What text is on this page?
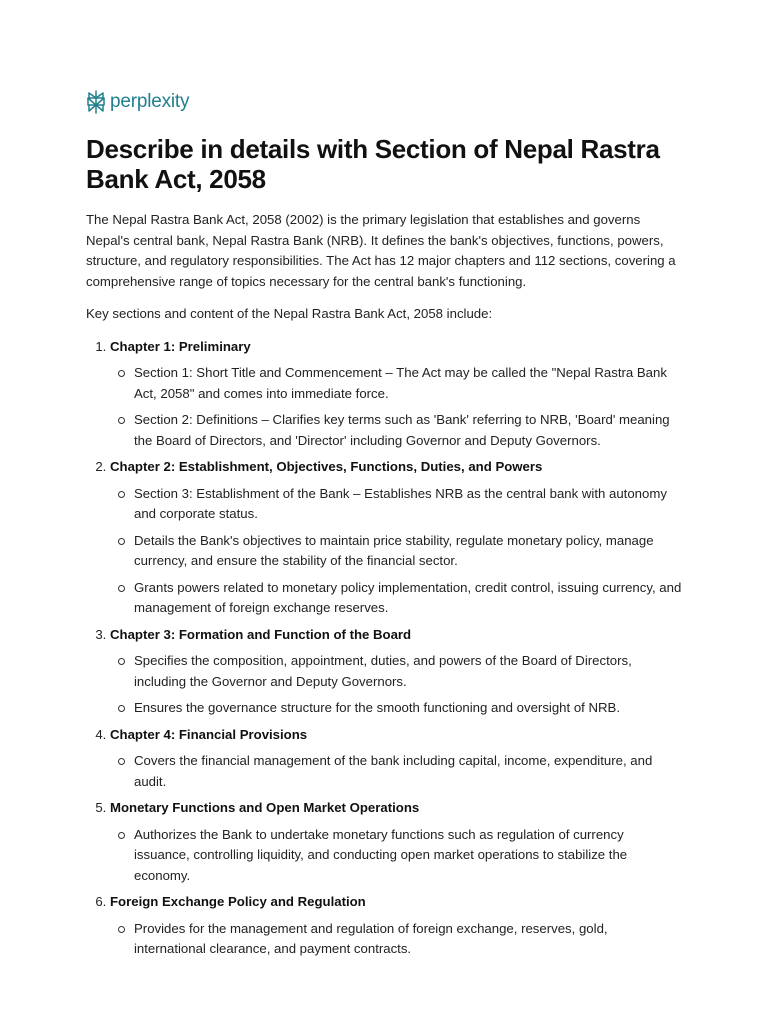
perplexity
Describe in details with Section of Nepal Rastra Bank Act, 2058

The Nepal Rastra Bank Act, 2058 (2002) is the primary legislation that establishes and governs Nepal's central bank, Nepal Rastra Bank (NRB). It defines the bank's objectives, functions, powers, structure, and regulatory responsibilities. The Act has 12 major chapters and 112 sections, covering a comprehensive range of topics necessary for the central bank's functioning.

Key sections and content of the Nepal Rastra Bank Act, 2058 include:

1. Chapter 1: Preliminary
Section 1: Short Title and Commencement – The Act may be called the "Nepal Rastra Bank Act, 2058" and comes into immediate force.
Section 2: Definitions – Clarifies key terms such as 'Bank' referring to NRB, 'Board' meaning the Board of Directors, and 'Director' including Governor and Deputy Governors.
2. Chapter 2: Establishment, Objectives, Functions, Duties, and Powers
Section 3: Establishment of the Bank – Establishes NRB as the central bank with autonomy and corporate status.
Details the Bank's objectives to maintain price stability, regulate monetary policy, manage currency, and ensure the stability of the financial sector.
Grants powers related to monetary policy implementation, credit control, issuing currency, and management of foreign exchange reserves.
3. Chapter 3: Formation and Function of the Board
Specifies the composition, appointment, duties, and powers of the Board of Directors, including the Governor and Deputy Governors.
Ensures the governance structure for the smooth functioning and oversight of NRB.
4. Chapter 4: Financial Provisions
Covers the financial management of the bank including capital, income, expenditure, and audit.
5. Monetary Functions and Open Market Operations
Authorizes the Bank to undertake monetary functions such as regulation of currency issuance, controlling liquidity, and conducting open market operations to stabilize the economy.
6. Foreign Exchange Policy and Regulation
Provides for the management and regulation of foreign exchange, reserves, gold, international clearance, and payment contracts.
